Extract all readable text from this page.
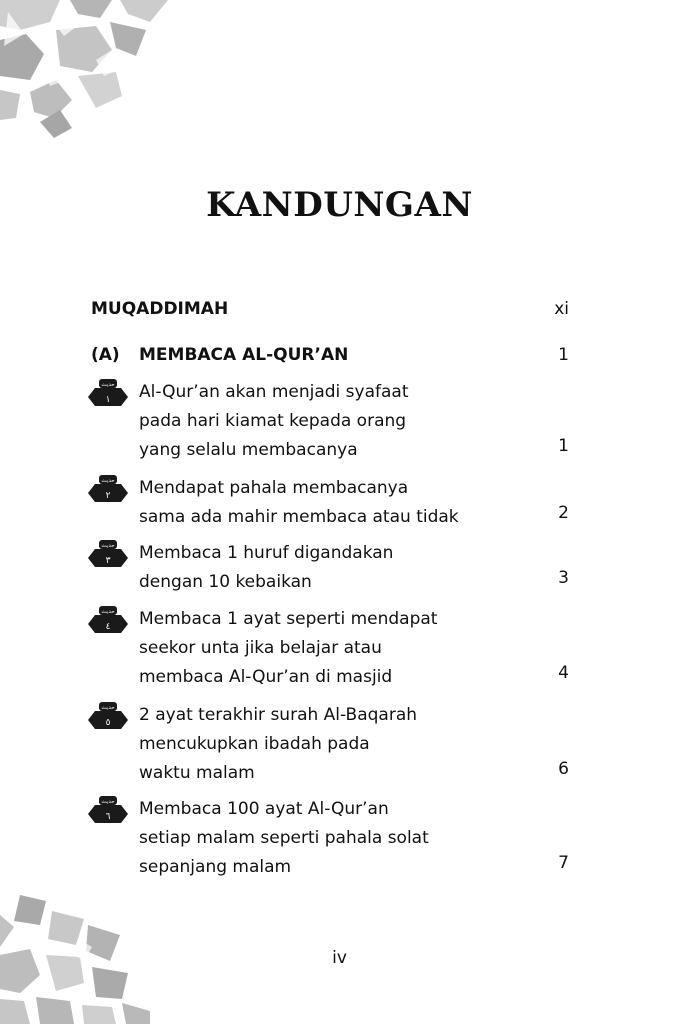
KANDUNGAN
MUQADDIMAH	xi
(A) MEMBACA AL-QUR’AN	1
حديث
١ Al-Qur’an akan menjadi syafaat
pada hari kiamat kepada orang
yang selalu membacanya	1
حديث
٢ Mendapat pahala membacanya
sama ada mahir membaca atau tidak	2
حديث
٣ Membaca 1 huruf digandakan
dengan 10 kebaikan	3
حديث
٤ Membaca 1 ayat seperti mendapat
seekor unta jika belajar atau
membaca Al-Qur’an di masjid	4
حديث
٥ 2 ayat terakhir surah Al-Baqarah
mencukupkan ibadah pada
waktu malam	6
حديث
٦ Membaca 100 ayat Al-Qur’an
setiap malam seperti pahala solat
sepanjang malam	7
iv
